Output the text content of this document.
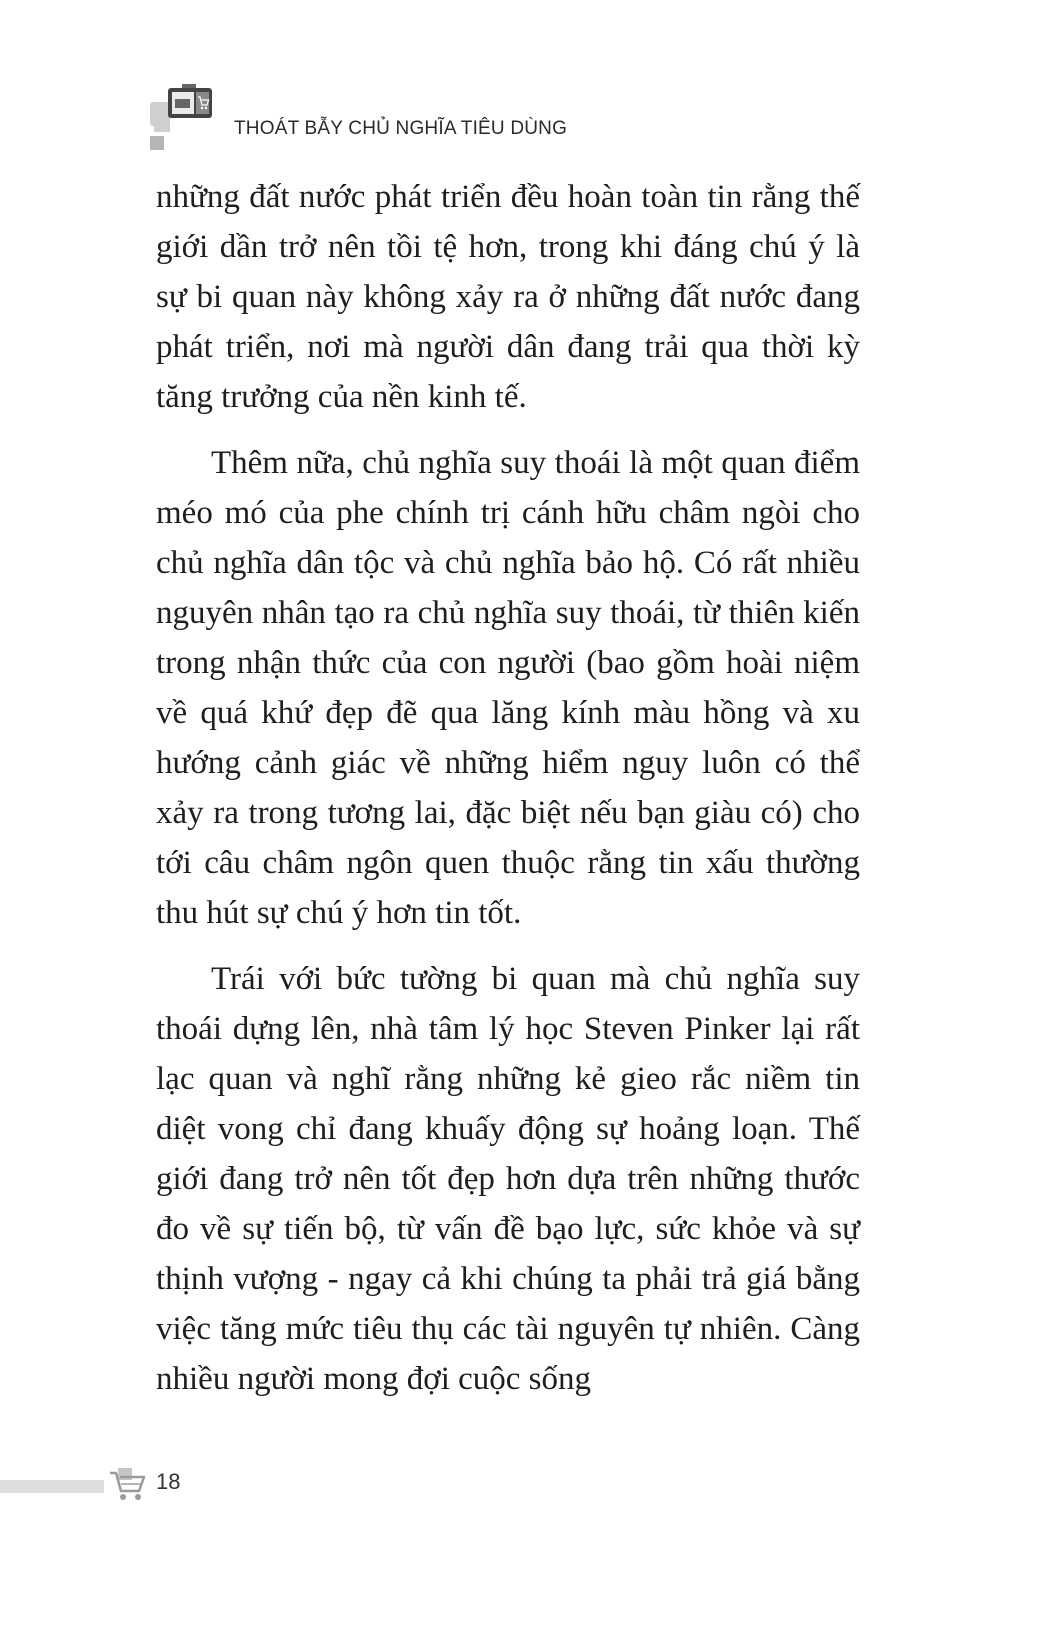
THOÁT BẪY CHỦ NGHĨA TIÊU DÙNG

những đất nước phát triển đều hoàn toàn tin rằng thế giới dần trở nên tồi tệ hơn, trong khi đáng chú ý là sự bi quan này không xảy ra ở những đất nước đang phát triển, nơi mà người dân đang trải qua thời kỳ tăng trưởng của nền kinh tế.

Thêm nữa, chủ nghĩa suy thoái là một quan điểm méo mó của phe chính trị cánh hữu châm ngòi cho chủ nghĩa dân tộc và chủ nghĩa bảo hộ. Có rất nhiều nguyên nhân tạo ra chủ nghĩa suy thoái, từ thiên kiến trong nhận thức của con người (bao gồm hoài niệm về quá khứ đẹp đẽ qua lăng kính màu hồng và xu hướng cảnh giác về những hiểm nguy luôn có thể xảy ra trong tương lai, đặc biệt nếu bạn giàu có) cho tới câu châm ngôn quen thuộc rằng tin xấu thường thu hút sự chú ý hơn tin tốt.

Trái với bức tường bi quan mà chủ nghĩa suy thoái dựng lên, nhà tâm lý học Steven Pinker lại rất lạc quan và nghĩ rằng những kẻ gieo rắc niềm tin diệt vong chỉ đang khuấy động sự hoảng loạn. Thế giới đang trở nên tốt đẹp hơn dựa trên những thước đo về sự tiến bộ, từ vấn đề bạo lực, sức khỏe và sự thịnh vượng - ngay cả khi chúng ta phải trả giá bằng việc tăng mức tiêu thụ các tài nguyên tự nhiên. Càng nhiều người mong đợi cuộc sống

18
